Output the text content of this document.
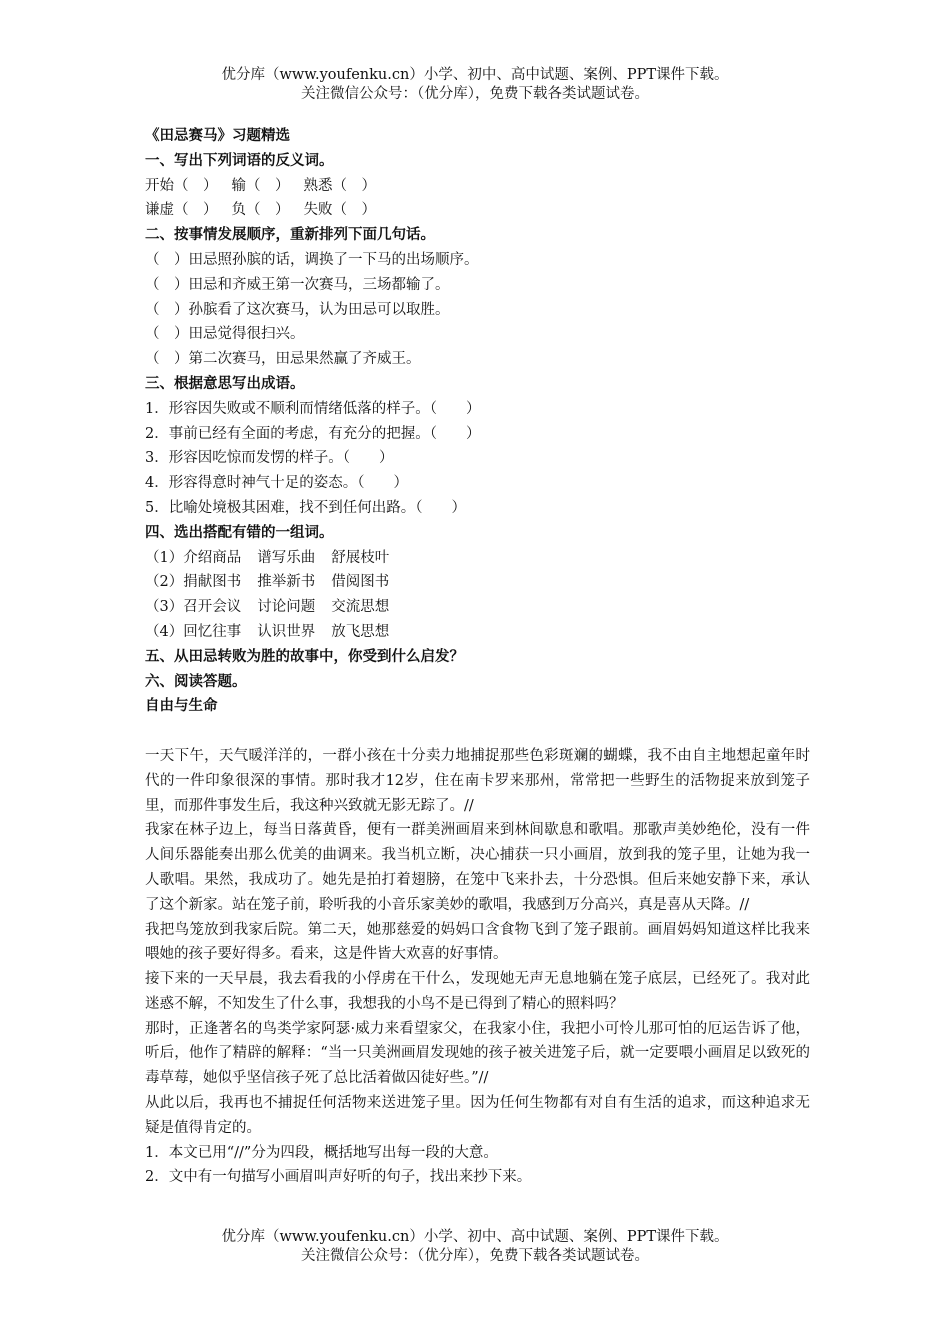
优分库（www.youfenku.cn）小学、初中、高中试题、案例、PPT课件下载。
关注微信公众号：（优分库），免费下载各类试题试卷。
《田忌赛马》习题精选
一、写出下列词语的反义词。
开始（　） 输（　） 熟悉（　）
谦虚（　） 负（　） 失败（　）
二、按事情发展顺序，重新排列下面几句话。
（　）田忌照孙膑的话，调换了一下马的出场顺序。
（　）田忌和齐威王第一次赛马，三场都输了。
（　）孙膑看了这次赛马，认为田忌可以取胜。
（　）田忌觉得很扫兴。
（　）第二次赛马，田忌果然赢了齐威王。
三、根据意思写出成语。
1．形容因失败或不顺利而情绪低落的样子。（　　）
2．事前已经有全面的考虑，有充分的把握。（　　）
3．形容因吃惊而发愣的样子。（　　）
4．形容得意时神气十足的姿态。（　　）
5．比喻处境极其困难，找不到任何出路。（　　）
四、选出搭配有错的一组词。
（1）介绍商品 谱写乐曲 舒展枝叶
（2）捐献图书 推举新书 借阅图书
（3）召开会议 讨论问题 交流思想
（4）回忆往事 认识世界 放飞思想
五、从田忌转败为胜的故事中，你受到什么启发？
六、阅读答题。
自由与生命
一天下午，天气暖洋洋的，一群小孩在十分卖力地捕捉那些色彩斑斓的蝴蝶，我不由自主地想起童年时代的一件印象很深的事情。那时我才12岁，住在南卡罗来那州，常常把一些野生的活物捉来放到笼子里，而那件事发生后，我这种兴致就无影无踪了。//
我家在林子边上，每当日落黄昏，便有一群美洲画眉来到林间歇息和歌唱。那歌声美妙绝伦，没有一件人间乐器能奏出那么优美的曲调来。我当机立断，决心捕获一只小画眉，放到我的笼子里，让她为我一人歌唱。果然，我成功了。她先是拍打着翅膀，在笼中飞来扑去，十分恐惧。但后来她安静下来，承认了这个新家。站在笼子前，聆听我的小音乐家美妙的歌唱，我感到万分高兴，真是喜从天降。//
我把鸟笼放到我家后院。第二天，她那慈爱的妈妈口含食物飞到了笼子跟前。画眉妈妈知道这样比我来喂她的孩子要好得多。看来，这是件皆大欢喜的好事情。
接下来的一天早晨，我去看我的小俘虏在干什么，发现她无声无息地躺在笼子底层，已经死了。我对此迷惑不解，不知发生了什么事，我想我的小鸟不是已得到了精心的照料吗？
那时，正逢著名的鸟类学家阿瑟·威力来看望家父，在我家小住，我把小可怜儿那可怕的厄运告诉了他，听后，他作了精辟的解释：“当一只美洲画眉发现她的孩子被关进笼子后，就一定要喂小画眉足以致死的毒草莓，她似乎坚信孩子死了总比活着做囚徒好些。”//
从此以后，我再也不捕捉任何活物来送进笼子里。因为任何生物都有对自有生活的追求，而这种追求无疑是值得肯定的。
1．本文已用“//”分为四段，概括地写出每一段的大意。
2．文中有一句描写小画眉叫声好听的句子，找出来抄下来。
优分库（www.youfenku.cn）小学、初中、高中试题、案例、PPT课件下载。
关注微信公众号：（优分库），免费下载各类试题试卷。
